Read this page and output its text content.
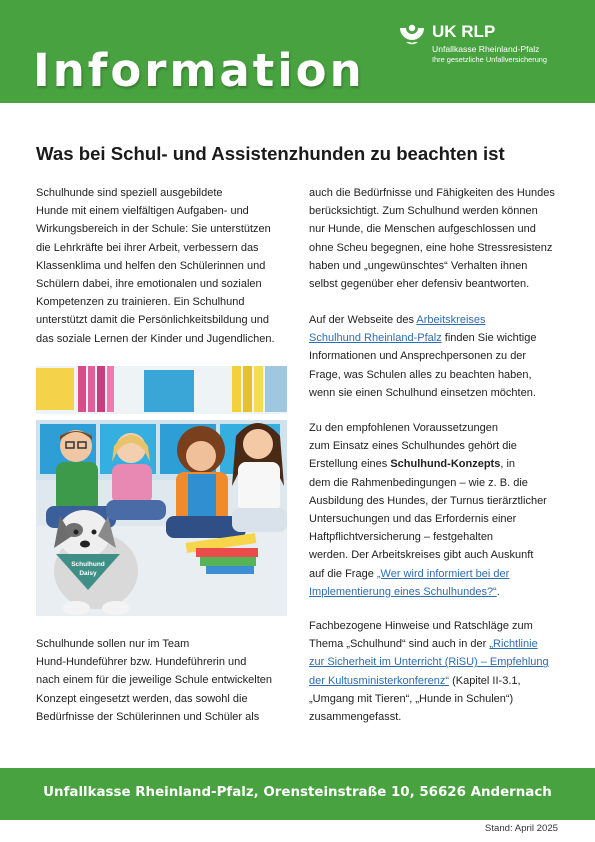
Information
UK RLP
Unfallkasse Rheinland-Pfalz
Ihre gesetzliche Unfallversicherung
Was bei Schul- und Assistenzhunden zu beachten ist

Schulhunde sind speziell ausgebildete
Hunde mit einem vielfältigen Aufgaben- und
Wirkungsbereich in der Schule: Sie unterstützen
die Lehrkräfte bei ihrer Arbeit, verbessern das
Klassenklima und helfen den Schülerinnen und
Schülern dabei, ihre emotionalen und sozialen
Kompetenzen zu trainieren. Ein Schulhund
unterstützt damit die Persönlichkeitsbildung und
das soziale Lernen der Kinder und Jugendlichen.

Schulhund
Daisy

Schulhunde sollen nur im Team
Hund-Hundeführer bzw. Hundeführerin und
nach einem für die jeweilige Schule entwickelten
Konzept eingesetzt werden, das sowohl die
Bedürfnisse der Schülerinnen und Schüler als

auch die Bedürfnisse und Fähigkeiten des Hundes
berücksichtigt. Zum Schulhund werden können
nur Hunde, die Menschen aufgeschlossen und
ohne Scheu begegnen, eine hohe Stressresistenz
haben und „ungewünschtes“ Verhalten ihnen
selbst gegenüber eher defensiv beantworten.

Auf der Webseite des Arbeitskreises
Schulhund Rheinland-Pfalz finden Sie wichtige
Informationen und Ansprechpersonen zu der
Frage, was Schulen alles zu beachten haben,
wenn sie einen Schulhund einsetzen möchten.

Zu den empfohlenen Voraussetzungen
zum Einsatz eines Schulhundes gehört die
Erstellung eines Schulhund-Konzepts, in
dem die Rahmenbedingungen – wie z. B. die
Ausbildung des Hundes, der Turnus tierärztlicher
Untersuchungen und das Erfordernis einer
Haftpflichtversicherung – festgehalten
werden. Der Arbeitskreises gibt auch Auskunft
auf die Frage „Wer wird informiert bei der
Implementierung eines Schulhundes?“.

Fachbezogene Hinweise und Ratschläge zum
Thema „Schulhund“ sind auch in der „Richtlinie
zur Sicherheit im Unterricht (RiSU) – Empfehlung
der Kultusministerkonferenz“ (Kapitel II-3.1,
„Umgang mit Tieren“, „Hunde in Schulen“)
zusammengefasst.

Unfallkasse Rheinland-Pfalz, Orensteinstraße 10, 56626 Andernach
Stand: April 2025
